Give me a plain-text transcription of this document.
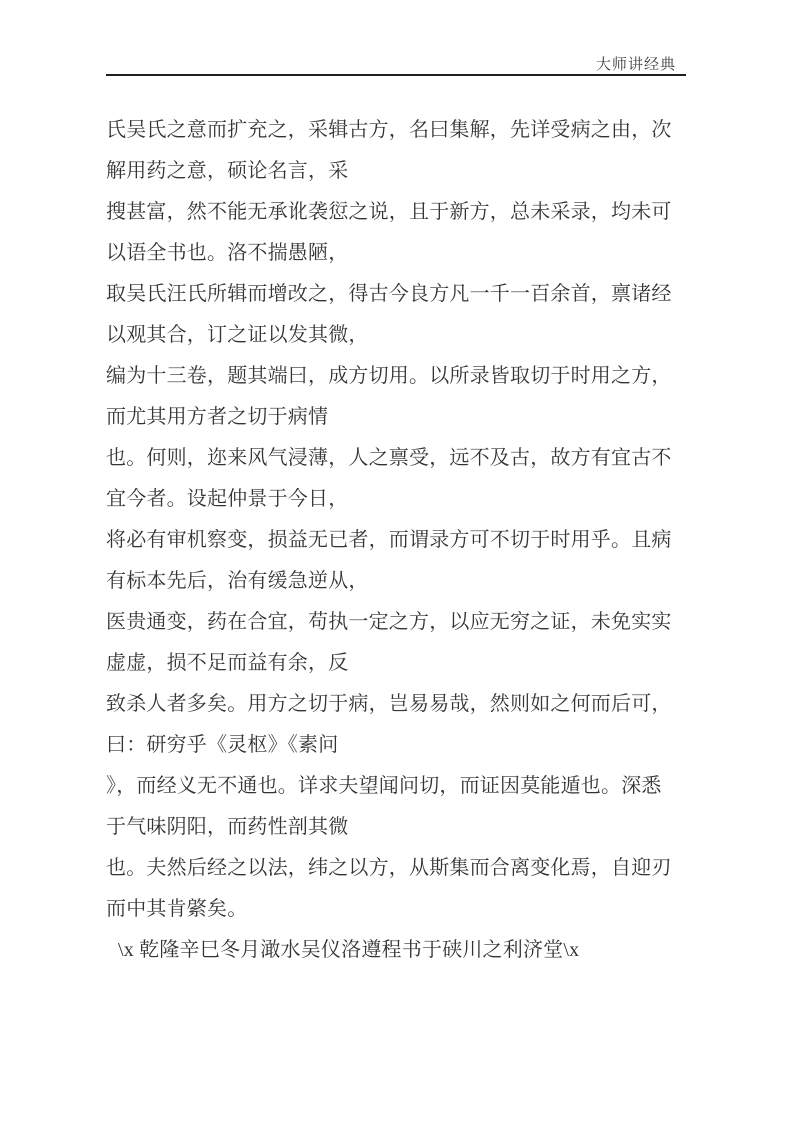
大师讲经典

氏吴氏之意而扩充之，采辑古方，名曰集解，先详受病之由，次

解用药之意，硕论名言，采

搜甚富，然不能无承讹袭愆之说，且于新方，总未采录，均未可

以语全书也。洛不揣愚陋，

取吴氏汪氏所辑而增改之，得古今良方凡一千一百余首，禀诸经

以观其合，订之证以发其微，

编为十三卷，题其端曰，成方切用。以所录皆取切于时用之方，

而尤其用方者之切于病情

也。何则，迩来风气浸薄，人之禀受，远不及古，故方有宜古不

宜今者。设起仲景于今日，

将必有审机察变，损益无已者，而谓录方可不切于时用乎。且病

有标本先后，治有缓急逆从，

医贵通变，药在合宜，苟执一定之方，以应无穷之证，未免实实

虚虚，损不足而益有余，反

致杀人者多矣。用方之切于病，岂易易哉，然则如之何而后可，

曰：研穷乎《灵枢》《素问

》，而经义无不通也。详求夫望闻问切，而证因莫能遁也。深悉

于气味阴阳，而药性剖其微

也。夫然后经之以法，纬之以方，从斯集而合离变化焉，自迎刃

而中其肯綮矣。

\x 乾隆辛巳冬月澉水吴仪洛遵程书于硖川之利济堂\x
